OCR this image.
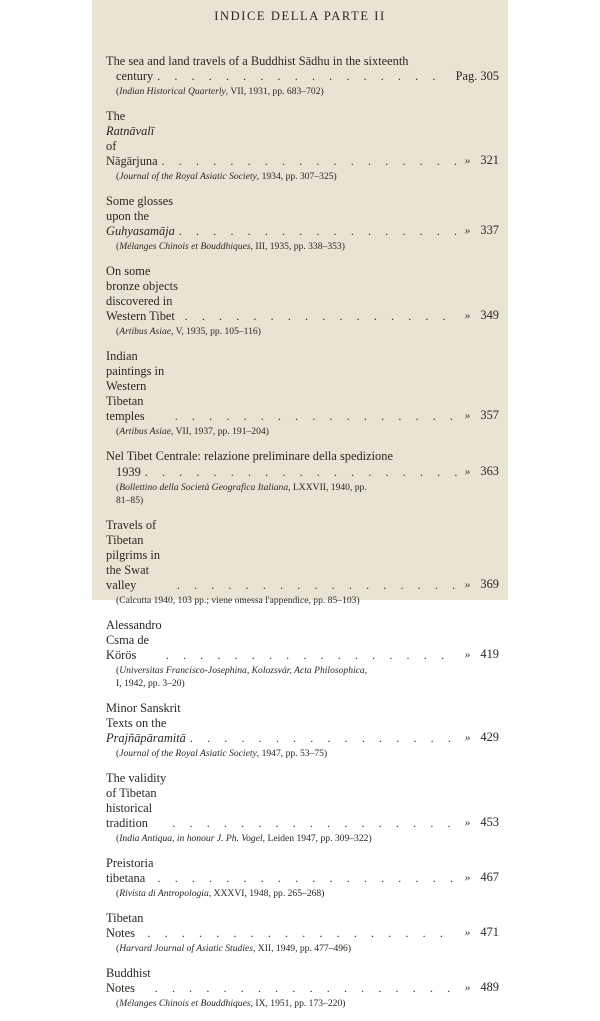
INDICE DELLA PARTE II
The sea and land travels of a Buddhist Sādhu in the sixteenth
century . . .	Pag. 305
(Indian Historical Quarterly, VII, 1931, pp. 683–702)
The Ratnāvalī of Nāgārjuna . . .	» 321
(Journal of the Royal Asiatic Society, 1934, pp. 307–325)
Some glosses upon the Guhyasamāja . . .	» 337
(Mélanges Chinois et Bouddhiques, III, 1935, pp. 338–353)
On some bronze objects discovered in Western Tibet . . .	» 349
(Artibus Asiae, V, 1935, pp. 105–116)
Indian paintings in Western Tibetan temples . . .	» 357
(Artibus Asiae, VII, 1937, pp. 191–204)
Nel Tibet Centrale: relazione preliminare della spedizione
1939 . . .	» 363
(Bollettino della Società Geografica Italiana, LXXVII, 1940, pp.
81–85)
Travels of Tibetan pilgrims in the Swat valley . . .	» 369
(Calcutta 1940, 103 pp.; viene omessa l'appendice, pp. 85–103)
Alessandro Csma de Körös . . .	» 419
(Universitas Francisco-Josephina, Kolozsvár, Acta Philosophica,
I, 1942, pp. 3–20)
Minor Sanskrit Texts on the Prajñāpāramitā . . .	» 429
(Journal of the Royal Asiatic Society, 1947, pp. 53–75)
The validity of Tibetan historical tradition . . .	» 453
(India Antiqua, in honour J. Ph. Vogel, Leiden 1947, pp. 309–322)
Preistoria tibetana . . .	» 467
(Rivista di Antropologia, XXXVI, 1948, pp. 265–268)
Tibetan Notes . . .	» 471
(Harvard Journal of Asiatic Studies, XII, 1949, pp. 477–496)
Buddhist Notes . . .	» 489
(Mélanges Chinois et Bouddhiques, IX, 1951, pp. 173–220)
